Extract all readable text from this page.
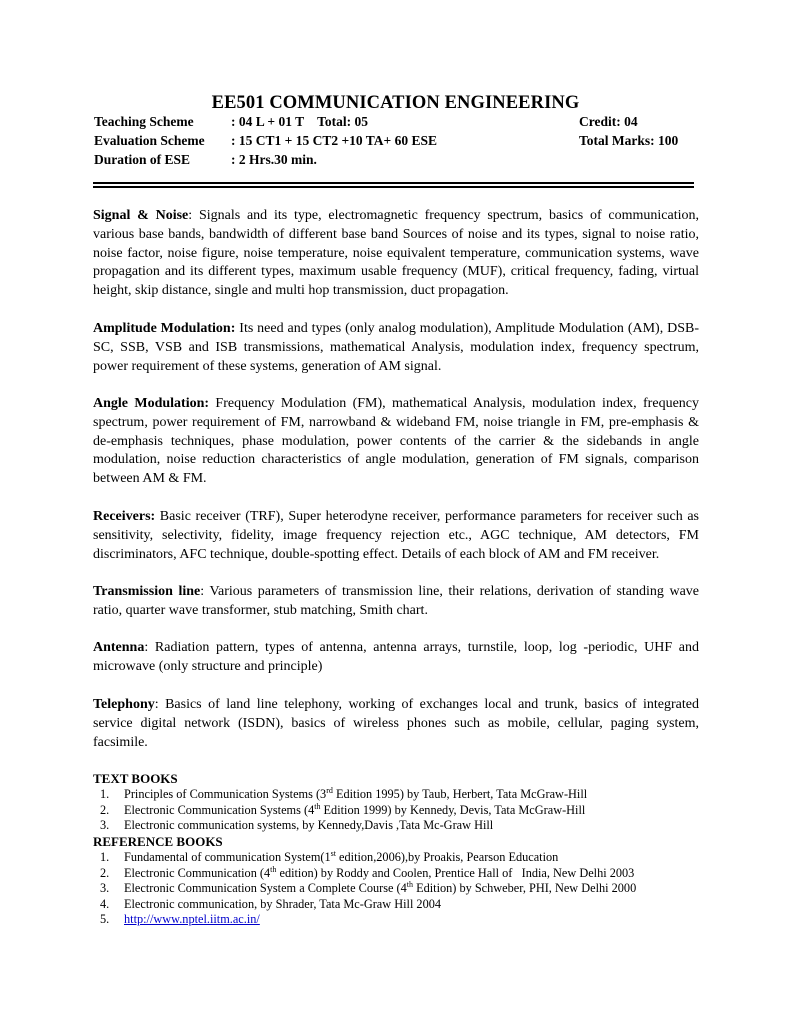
EE501 COMMUNICATION ENGINEERING
Teaching Scheme	: 04 L + 01 T    Total: 05	Credit: 04
Evaluation Scheme : 15 CT1 + 15 CT2 +10 TA+ 60 ESE	Total Marks: 100
Duration of ESE	: 2 Hrs.30 min.

Signal & Noise: Signals and its type, electromagnetic frequency spectrum, basics of communication, various base bands, bandwidth of different base band Sources of noise and its types, signal to noise ratio, noise factor, noise figure, noise temperature, noise equivalent temperature, communication systems, wave propagation and its different types, maximum usable frequency (MUF), critical frequency, fading, virtual height, skip distance, single and multi hop transmission, duct propagation.

Amplitude Modulation: Its need and types (only analog modulation), Amplitude Modulation (AM), DSB-SC, SSB, VSB and ISB transmissions, mathematical Analysis, modulation index, frequency spectrum, power requirement of these systems, generation of AM signal.

Angle Modulation: Frequency Modulation (FM), mathematical Analysis, modulation index, frequency spectrum, power requirement of FM, narrowband & wideband FM, noise triangle in FM, pre-emphasis & de-emphasis techniques, phase modulation, power contents of the carrier & the sidebands in angle modulation, noise reduction characteristics of angle modulation, generation of FM signals, comparison between AM & FM.

Receivers: Basic receiver (TRF), Super heterodyne receiver, performance parameters for receiver such as sensitivity, selectivity, fidelity, image frequency rejection etc., AGC technique, AM detectors, FM discriminators, AFC technique, double-spotting effect. Details of each block of AM and FM receiver.

Transmission line: Various parameters of transmission line, their relations, derivation of standing wave ratio, quarter wave transformer, stub matching, Smith chart.

Antenna: Radiation pattern, types of antenna, antenna arrays, turnstile, loop, log -periodic, UHF and microwave (only structure and principle)

Telephony: Basics of land line telephony, working of exchanges local and trunk, basics of integrated service digital network (ISDN), basics of wireless phones such as mobile, cellular, paging system, facsimile.

TEXT BOOKS
1. Principles of Communication Systems (3rd Edition 1995) by Taub, Herbert, Tata McGraw-Hill
2. Electronic Communication Systems (4th Edition 1999) by Kennedy, Devis, Tata McGraw-Hill
3. Electronic communication systems, by Kennedy,Davis ,Tata Mc-Graw Hill
REFERENCE BOOKS
1. Fundamental of communication System(1st edition,2006),by Proakis, Pearson Education
2. Electronic Communication (4th edition) by Roddy and Coolen, Prentice Hall of   India, New Delhi 2003
3. Electronic Communication System a Complete Course (4th Edition) by Schweber, PHI, New Delhi 2000
4. Electronic communication, by Shrader, Tata Mc-Graw Hill 2004
5. http://www.nptel.iitm.ac.in/
